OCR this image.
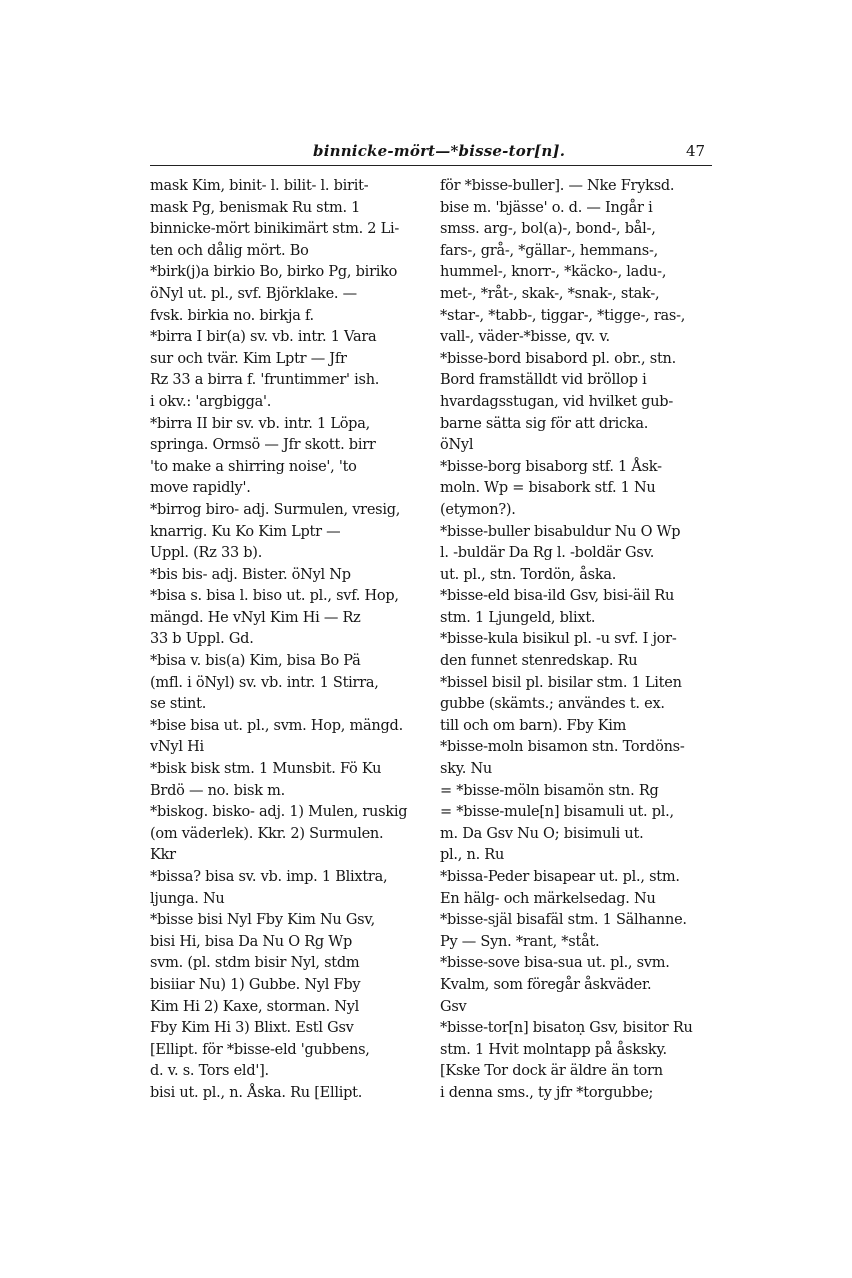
binnicke-mört—*bisse-tor[n].	47
mask Kim, binit- l. bilit- l. birit-
mask Pg, benismak Ru stm. 1
binnicke-mört binikimärt stm. 2 Li-
ten och dålig mört. Bo
*birk(j)a birkio Bo, birko Pg, biriko
öNyl ut. pl., svf. Björklake. —
fvsk. birkia no. birkja f.
*birra I bir(a) sv. vb. intr. 1 Vara
sur och tvär. Kim Lptr — Jfr
Rz 33 a birra f. 'fruntimmer' ish.
i okv.: 'argbigga'.
*birra II bir sv. vb. intr. 1 Löpa,
springa. Ormsö — Jfr skott. birr
'to make a shirring noise', 'to
move rapidly'.
*birrog biro- adj. Surmulen, vresig,
knarrig. Ku Ko Kim Lptr —
Uppl. (Rz 33 b).
*bis bis- adj. Bister. öNyl Np
*bisa s. bisa l. biso ut. pl., svf. Hop,
mängd. He vNyl Kim Hi — Rz
33 b Uppl. Gd.
*bisa v. bis(a) Kim, bisa Bo Pä
(mfl. i öNyl) sv. vb. intr. 1 Stirra,
se stint.
*bise bisa ut. pl., svm. Hop, mängd.
vNyl Hi
*bisk bisk stm. 1 Munsbit. Fö Ku
Brdö — no. bisk m.
*biskog. bisko- adj. 1) Mulen, ruskig
(om väderlek). Kkr. 2) Surmulen.
Kkr
*bissa? bisa sv. vb. imp. 1 Blixtra,
ljunga. Nu
*bisse bisi Nyl Fby Kim Nu Gsv,
bisi Hi, bisa Da Nu O Rg Wp
svm. (pl. stdm bisir Nyl, stdm
bisiiar Nu) 1) Gubbe. Nyl Fby
Kim Hi 2) Kaxe, storman. Nyl
Fby Kim Hi 3) Blixt. Estl Gsv
[Ellipt. för *bisse-eld 'gubbens,
d. v. s. Tors eld'].
bisi ut. pl., n. Åska. Ru [Ellipt.
för *bisse-buller]. — Nke Fryksd.
bise m. 'bjässe' o. d. — Ingår i
smss. arg-, bol(a)-, bond-, bål-,
fars-, grå-, *gällar-, hemmans-,
hummel-, knorr-, *käcko-, ladu-,
met-, *råt-, skak-, *snak-, stak-,
*star-, *tabb-, tiggar-, *tigge-, ras-,
vall-, väder-*bisse, qv. v.
*bisse-bord bisabord pl. obr., stn.
Bord framställdt vid bröllop i
hvardagsstugan, vid hvilket gub-
barne sätta sig för att dricka.
öNyl
*bisse-borg bisaborg stf. 1 Åsk-
moln. Wp = bisabork stf. 1 Nu
(etymon?).
*bisse-buller bisabuldur Nu O Wp
l. -buldär Da Rg l. -boldär Gsv.
ut. pl., stn. Tordön, åska.
*bisse-eld bisa-ild Gsv, bisi-äil Ru
stm. 1 Ljungeld, blixt.
*bisse-kula bisikul pl. -u svf. I jor-
den funnet stenredskap. Ru
*bissel bisil pl. bisilar stm. 1 Liten
gubbe (skämts.; användes t. ex.
till och om barn). Fby Kim
*bisse-moln bisamon stn. Tordöns-
sky. Nu
= *bisse-möln bisamön stn. Rg
= *bisse-mule[n] bisamuli ut. pl.,
m. Da Gsv Nu O; bisimuli ut.
pl., n. Ru
*bissa-Peder bisapear ut. pl., stm.
En hälg- och märkelsedag. Nu
*bisse-själ bisafäl stm. 1 Sälhanne.
Py — Syn. *rant, *ståt.
*bisse-sove bisa-sua ut. pl., svm.
Kvalm, som föregår åskväder.
Gsv
*bisse-tor[n] bisatoṇ Gsv, bisitor Ru
stm. 1 Hvit molntapp på åsksky.
[Kske Tor dock är äldre än torn
i denna sms., ty jfr *torgubbe;
